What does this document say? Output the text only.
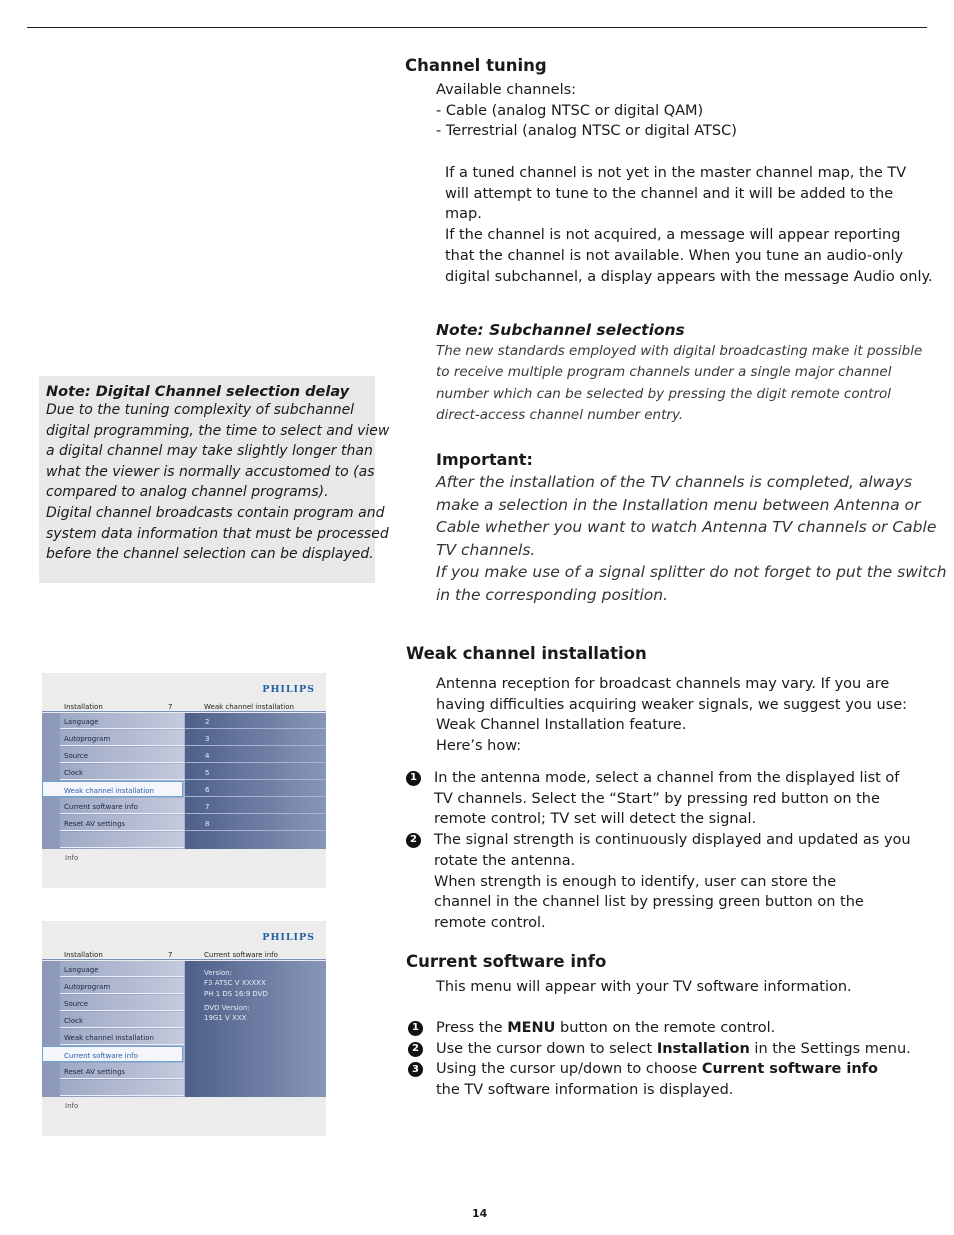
Channel tuning

Available channels:

- Cable (analog NTSC or digital QAM)

- Terrestrial (analog NTSC or digital ATSC)

If a tuned channel is not yet in the master channel map, the TV

will attempt to tune to the channel and it will be added to the

map.

If the channel is not acquired, a message will appear reporting

that the channel is not available. When you tune an audio-only

digital subchannel, a display appears with the message Audio only.

Note: Subchannel selections

The new standards employed with digital broadcasting make it possible

to receive multiple program channels under a single major channel

number which can be selected by pressing the digit remote control

direct-access channel number entry.

Note: Digital Channel selection delay

Due to the tuning complexity of subchannel

digital programming, the time to select and view

a digital channel may take slightly longer than

what the viewer is normally accustomed to (as

compared to analog channel programs).

Digital channel broadcasts contain program and

system data information that must be processed

before the channel selection can be displayed.

Important:

After the installation of the TV channels is completed, always

make a selection in the Installation menu between Antenna or

Cable whether you want to watch Antenna TV channels or Cable

TV channels.

If you make use of a signal splitter do not forget to put the switch

in the corresponding position.

Weak channel installation

Antenna reception for broadcast channels may vary. If you are

having difficulties acquiring weaker signals, we suggest you use:

Weak Channel Installation feature.

Here’s how:

1 In the antenna mode, select a channel from the displayed list of

TV channels. Select the “Start” by pressing red button on the

remote control; TV set will detect the signal.

2 The signal strength is continuously displayed and updated as you

rotate the antenna.

When strength is enough to identify, user can store the

channel in the channel list by pressing green button on the

remote control.

Current software info

This menu will appear with your TV software information.

1 Press the MENU button on the remote control.

2 Use the cursor down to select Installation in the Settings menu.

3 Using the cursor up/down to choose Current software info

the TV software information is displayed.

PHILIPS
Installation	7	Weak channel installation
Language
Autoprogram
Source
Clock
Weak channel installation
Current software info
Reset AV settings
2
3
4
5
6
7
8
Info
PHILIPS
Installation	7	Current software info
Language
Autoprogram
Source
Clock
Weak channel installation
Current software info
Reset AV settings
Version:
F3 ATSC V XXXXX
PH 1 DS 16:9 DVD
DVD Version:
19G1 V XXX
Info
14
